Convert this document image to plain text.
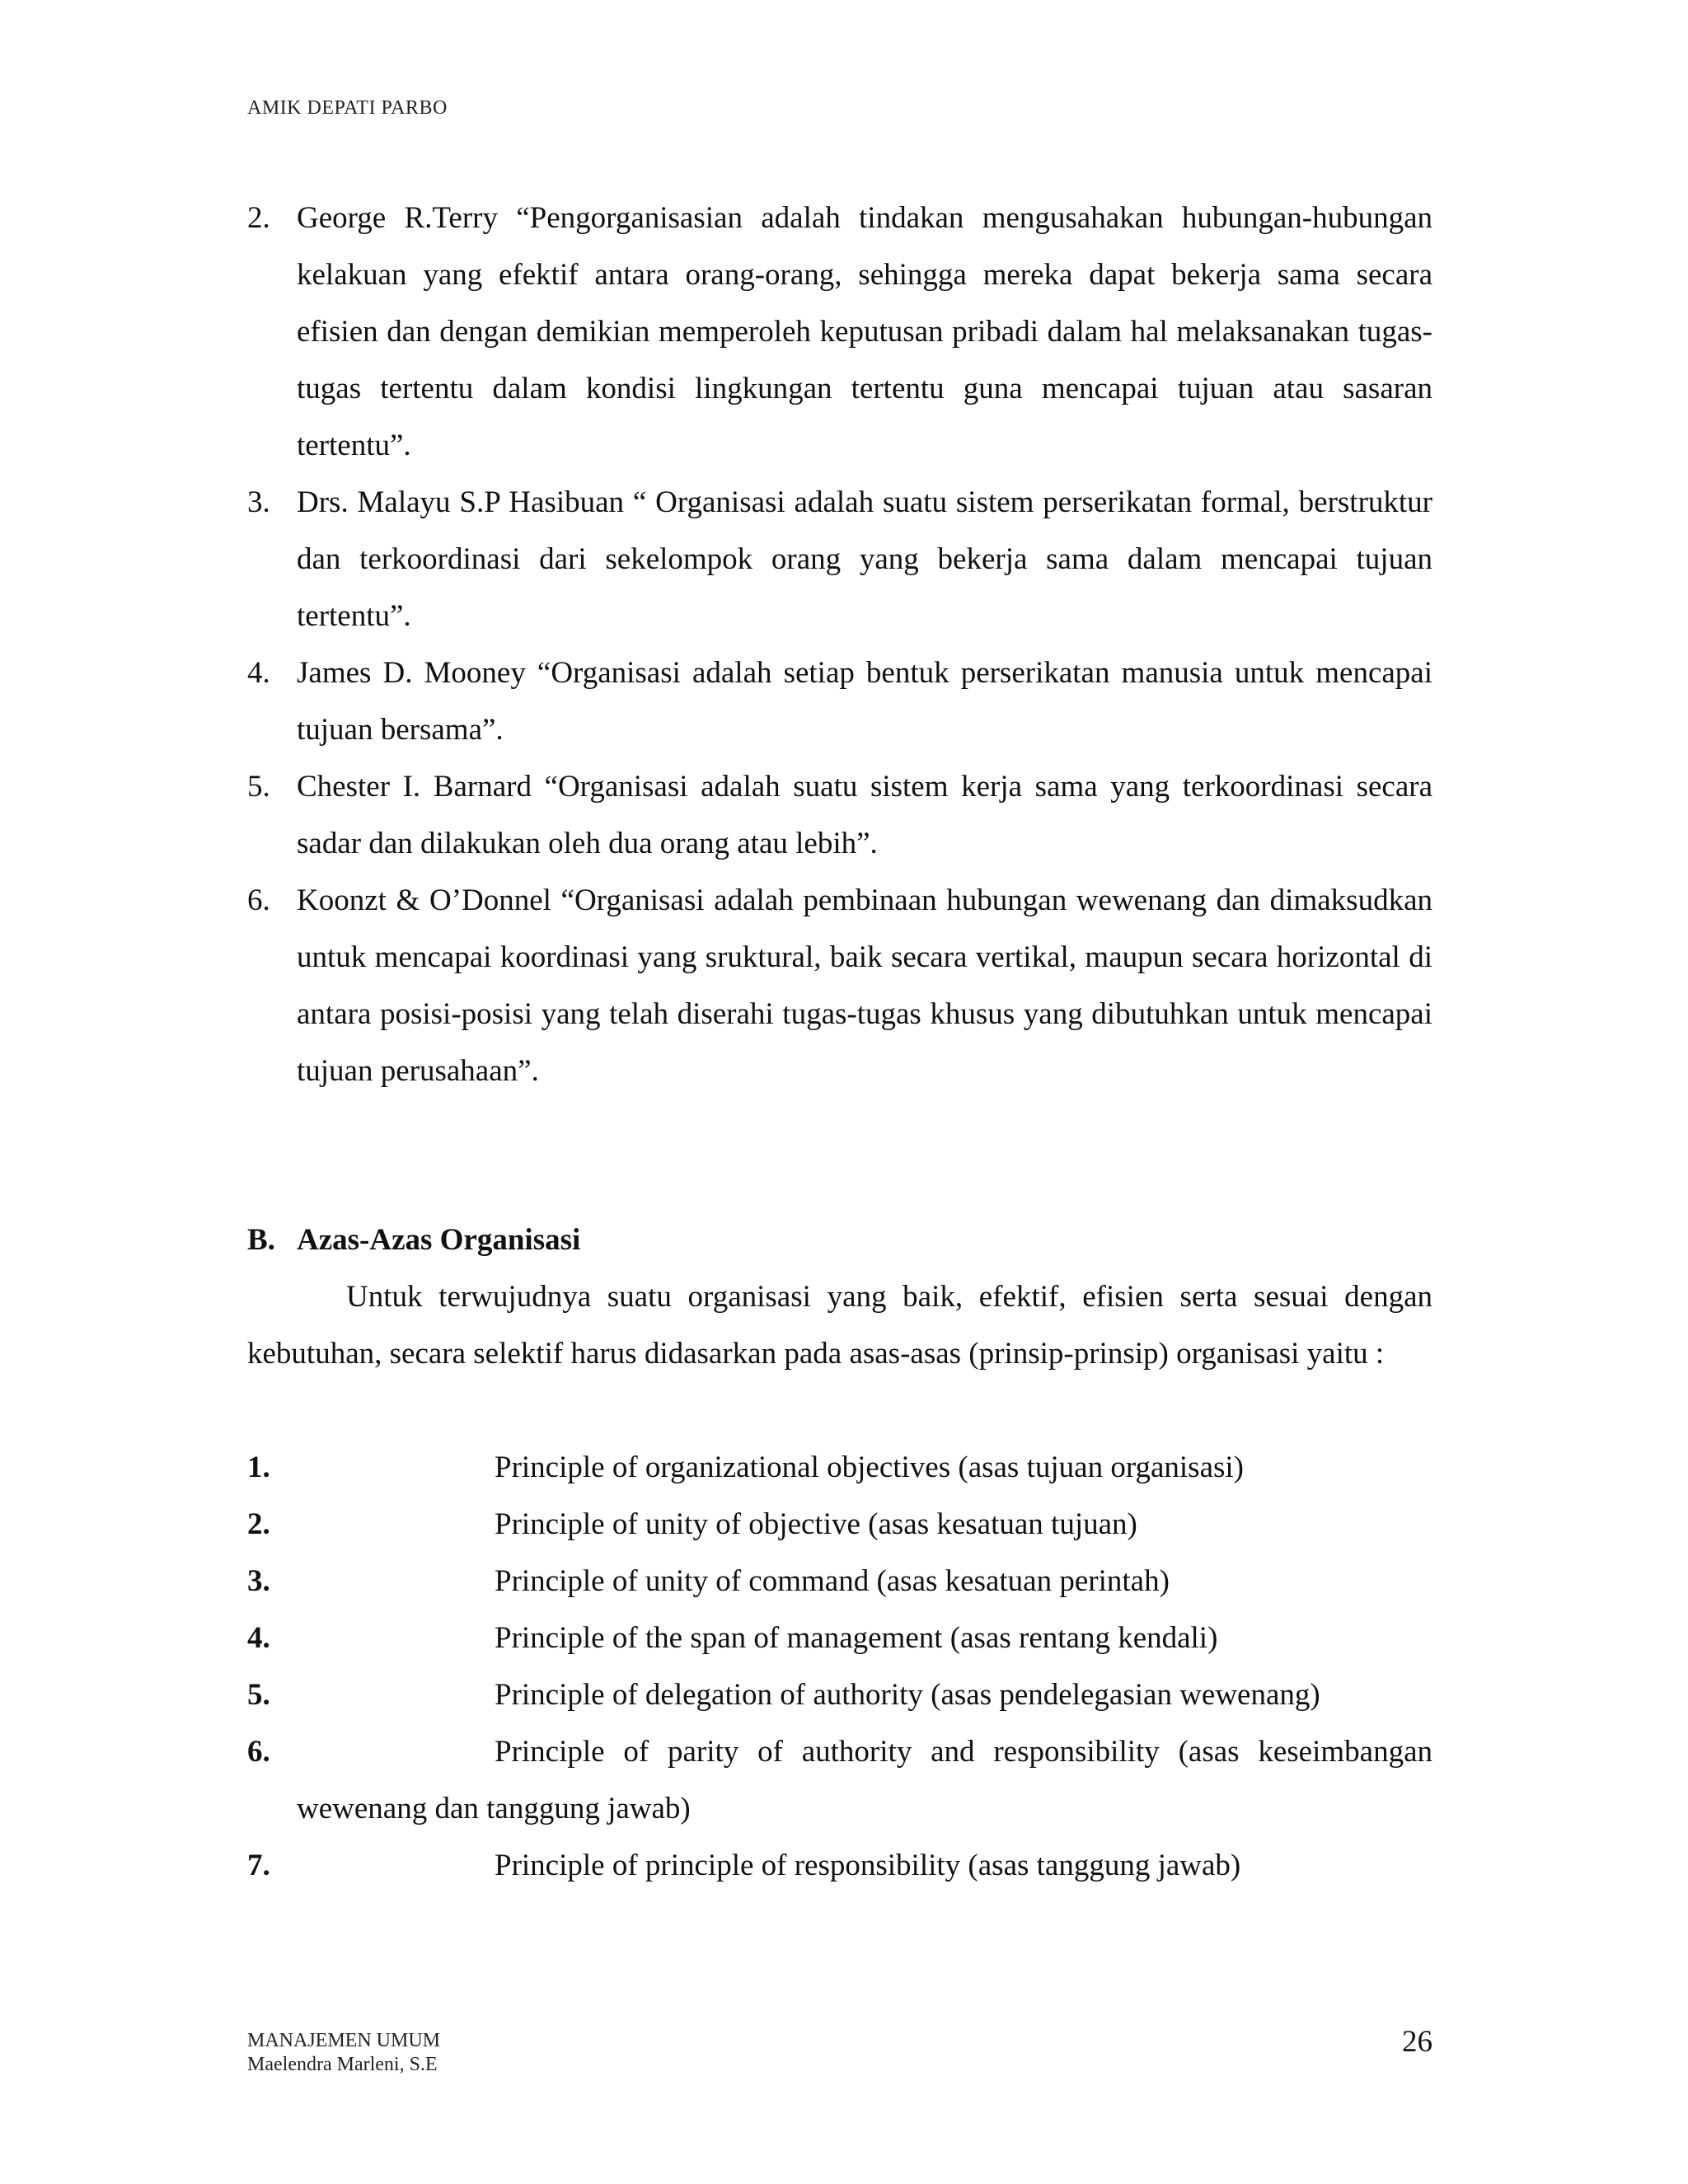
AMIK DEPATI PARBO
2. George R.Terry “Pengorganisasian adalah tindakan mengusahakan hubungan-hubungan kelakuan yang efektif antara orang-orang, sehingga mereka dapat bekerja sama secara efisien dan dengan demikian memperoleh keputusan pribadi dalam hal melaksanakan tugas-tugas tertentu dalam kondisi lingkungan tertentu guna mencapai tujuan atau sasaran tertentu”.

3. Drs. Malayu S.P Hasibuan “ Organisasi adalah suatu sistem perserikatan formal, berstruktur dan terkoordinasi dari sekelompok orang yang bekerja sama dalam mencapai tujuan tertentu”.

4. James D. Mooney “Organisasi adalah setiap bentuk perserikatan manusia untuk mencapai tujuan bersama”.

5. Chester I. Barnard “Organisasi adalah suatu sistem kerja sama yang terkoordinasi secara sadar dan dilakukan oleh dua orang atau lebih”.

6. Koonzt & O’Donnel “Organisasi adalah pembinaan hubungan wewenang dan dimaksudkan untuk mencapai koordinasi yang sruktural, baik secara vertikal, maupun secara horizontal di antara posisi-posisi yang telah diserahi tugas-tugas khusus yang dibutuhkan untuk mencapai tujuan perusahaan”.

B. Azas-Azas Organisasi

Untuk terwujudnya suatu organisasi yang baik, efektif, efisien serta sesuai dengan kebutuhan, secara selektif harus didasarkan pada asas-asas (prinsip-prinsip) organisasi yaitu :

1.	Principle of organizational objectives (asas tujuan organisasi)

2.	Principle of unity of objective (asas kesatuan tujuan)

3.	Principle of unity of command (asas kesatuan perintah)

4.	Principle of the span of management (asas rentang kendali)

5.	Principle of delegation of authority (asas pendelegasian wewenang)

6.	Principle of parity of authority and responsibility (asas keseimbangan wewenang dan tanggung jawab)

7.	Principle of principle of responsibility (asas tanggung jawab)

MANAJEMEN UMUM
Maelendra Marleni, S.E
26
